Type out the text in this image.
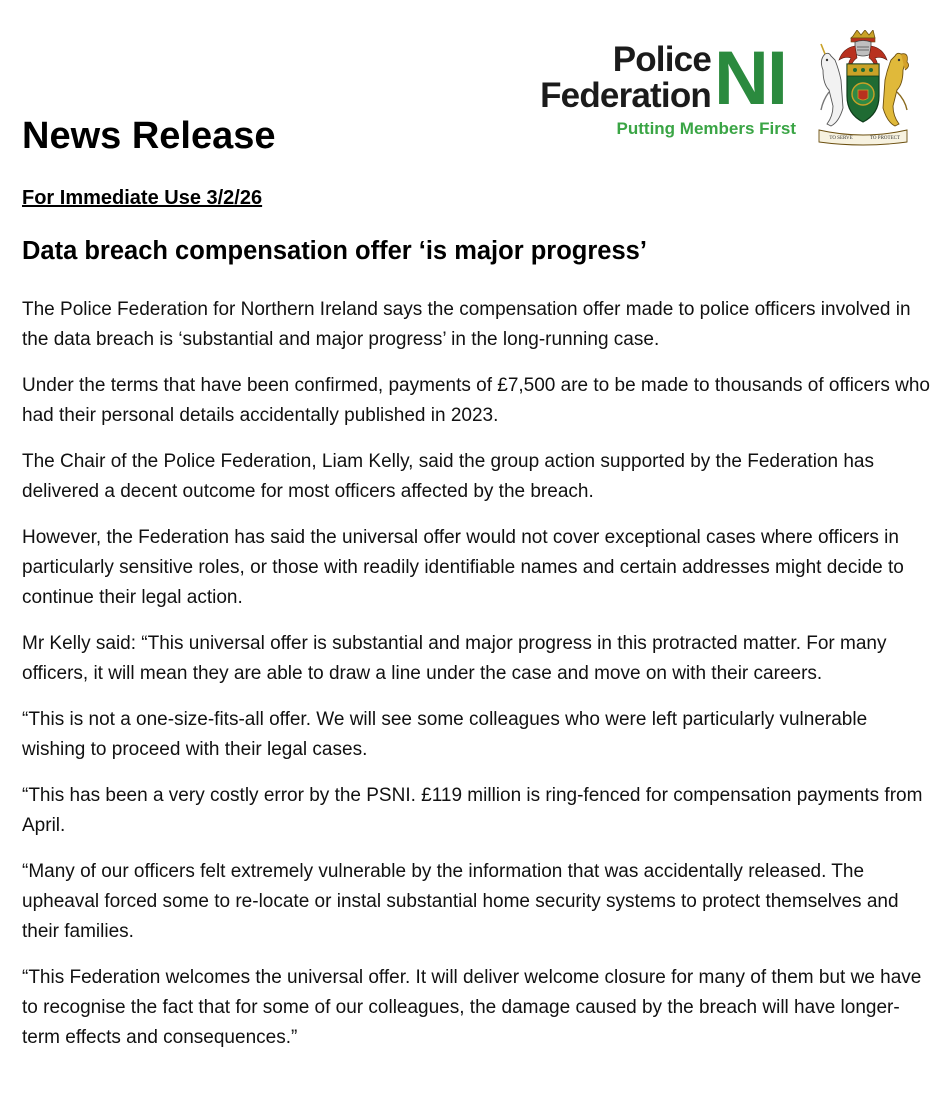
Police
Federation NI
Putting Members First
TO SERVE	TO PROTECT
News Release
For Immediate Use 3/2/26
Data breach compensation offer ‘is major progress’

The Police Federation for Northern Ireland says the compensation offer made to police officers involved in the data breach is ‘substantial and major progress’ in the long-running case.

Under the terms that have been confirmed, payments of £7,500 are to be made to thousands of officers who had their personal details accidentally published in 2023.

The Chair of the Police Federation, Liam Kelly, said the group action supported by the Federation has delivered a decent outcome for most officers affected by the breach.

However, the Federation has said the universal offer would not cover exceptional cases where officers in particularly sensitive roles, or those with readily identifiable names and certain addresses might decide to continue their legal action.

Mr Kelly said: “This universal offer is substantial and major progress in this protracted matter. For many officers, it will mean they are able to draw a line under the case and move on with their careers.

“This is not a one-size-fits-all offer. We will see some colleagues who were left particularly vulnerable wishing to proceed with their legal cases.

“This has been a very costly error by the PSNI. £119 million is ring-fenced for compensation payments from April.

“Many of our officers felt extremely vulnerable by the information that was accidentally released. The upheaval forced some to re-locate or instal substantial home security systems to protect themselves and their families.

“This Federation welcomes the universal offer. It will deliver welcome closure for many of them but we have to recognise the fact that for some of our colleagues, the damage caused by the breach will have longer-term effects and consequences.”
